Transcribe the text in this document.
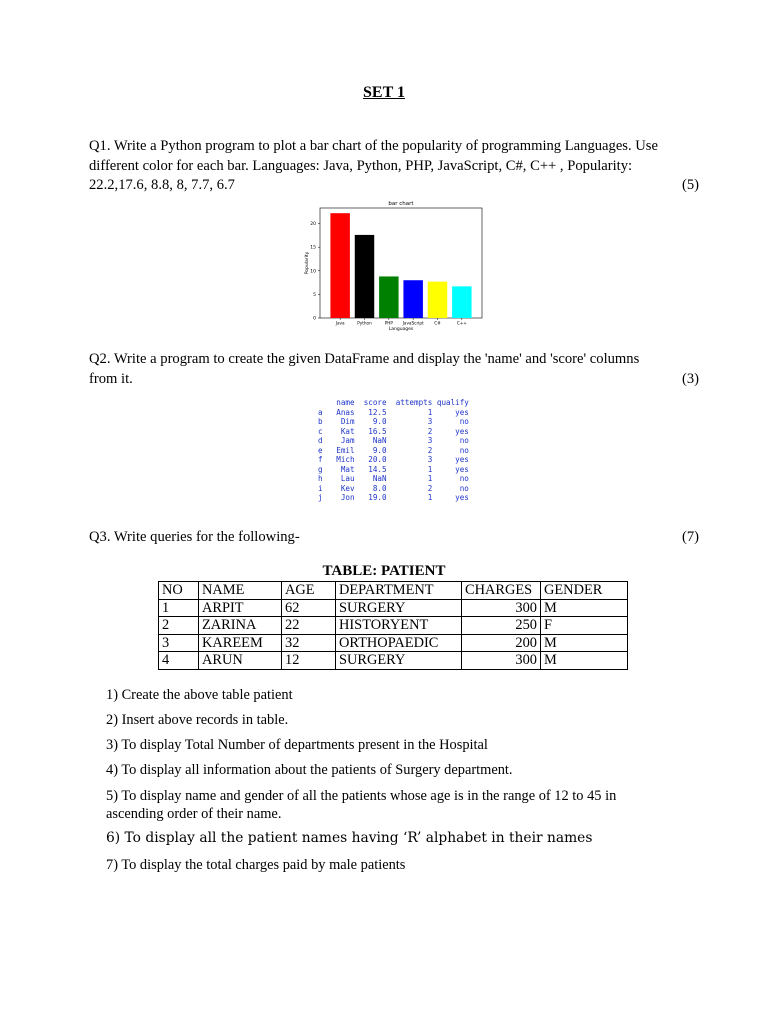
SET 1
Q1. Write a Python program to plot a bar chart of the popularity of programming Languages. Use
different color for each bar. Languages: Java, Python, PHP, JavaScript, C#, C++ , Popularity:
22.2,17.6, 8.8, 8, 7.7, 6.7	(5)
bar chart
0
5
10
15
20
Popularity
Java	Python	PHP JavaScript	C#	C++
Languages
Q2. Write a program to create the given DataFrame and display the 'name' and 'score' columns
from it.	(3)
name  score  attempts qualify
a   Anas   12.5         1     yes
b    Dim    9.0         3      no
c    Kat   16.5         2     yes
d    Jam    NaN         3      no
e   Emil    9.0         2      no
f   Mich   20.0         3     yes
g    Mat   14.5         1     yes
h    Lau    NaN         1      no
i    Kev    8.0         2      no
j    Jon   19.0         1     yes
Q3. Write queries for the following-	(7)
TABLE: PATIENT
NO	NAME	AGE	DEPARTMENT	CHARGES	GENDER
1	ARPIT	62	SURGERY	300	M
2	ZARINA	22	HISTORYENT	250	F
3	KAREEM	32	ORTHOPAEDIC	200	M
4	ARUN	12	SURGERY	300	M
1) Create the above table patient
2) Insert above records in table.
3) To display Total Number of departments present in the Hospital
4) To display all information about the patients of Surgery department.
5) To display name and gender of all the patients whose age is in the range of 12 to 45 in
ascending order of their name.
6) To display all the patient names having ‘R’ alphabet in their names
7) To display the total charges paid by male patients
